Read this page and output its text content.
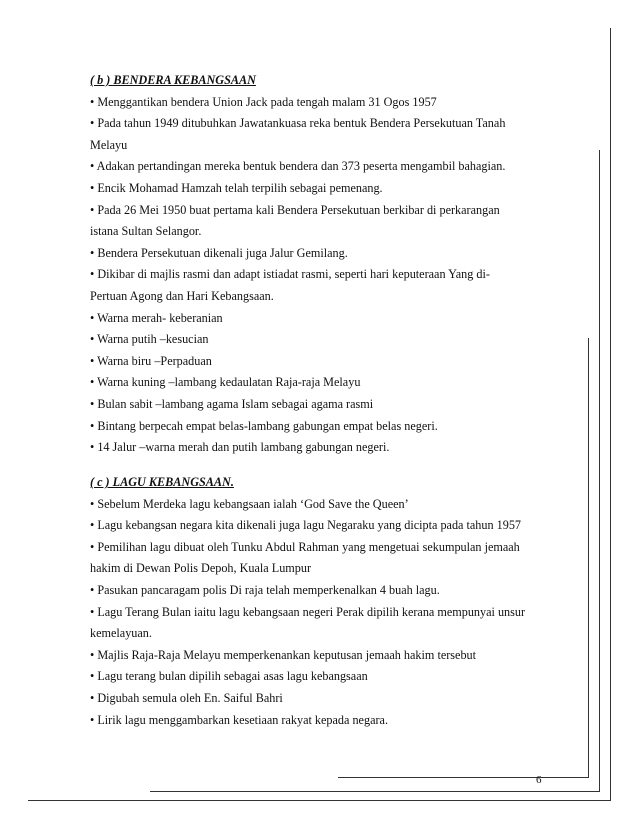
( b ) BENDERA KEBANGSAAN

• Menggantikan bendera Union Jack pada tengah malam 31 Ogos 1957

• Pada tahun 1949 ditubuhkan Jawatankuasa reka bentuk Bendera Persekutuan Tanah

Melayu

• Adakan pertandingan mereka bentuk bendera dan 373 peserta mengambil bahagian.

• Encik Mohamad Hamzah telah terpilih sebagai pemenang.

• Pada 26 Mei 1950 buat pertama kali Bendera Persekutuan berkibar di perkarangan

istana Sultan Selangor.

• Bendera Persekutuan dikenali juga Jalur Gemilang.

• Dikibar di majlis rasmi dan adapt istiadat rasmi, seperti hari keputeraan Yang di-

Pertuan Agong dan Hari Kebangsaan.

• Warna merah- keberanian

• Warna putih –kesucian

• Warna biru –Perpaduan

• Warna kuning –lambang kedaulatan Raja-raja Melayu

• Bulan sabit –lambang agama Islam sebagai agama rasmi

• Bintang berpecah empat belas-lambang gabungan empat belas negeri.

• 14 Jalur –warna merah dan putih lambang gabungan negeri.

( c ) LAGU KEBANGSAAN.

• Sebelum Merdeka lagu kebangsaan ialah ‘God Save the Queen’

• Lagu kebangsan negara kita dikenali juga lagu Negaraku yang dicipta pada tahun 1957

• Pemilihan lagu dibuat oleh Tunku Abdul Rahman yang mengetuai sekumpulan jemaah

hakim di Dewan Polis Depoh, Kuala Lumpur

• Pasukan pancaragam polis Di raja telah memperkenalkan 4 buah lagu.

• Lagu Terang Bulan iaitu lagu kebangsaan negeri Perak dipilih kerana mempunyai unsur

kemelayuan.

• Majlis Raja-Raja Melayu memperkenankan keputusan jemaah hakim tersebut

• Lagu terang bulan dipilih sebagai asas lagu kebangsaan

• Digubah semula oleh En. Saiful Bahri

• Lirik lagu menggambarkan kesetiaan rakyat kepada negara.

6
